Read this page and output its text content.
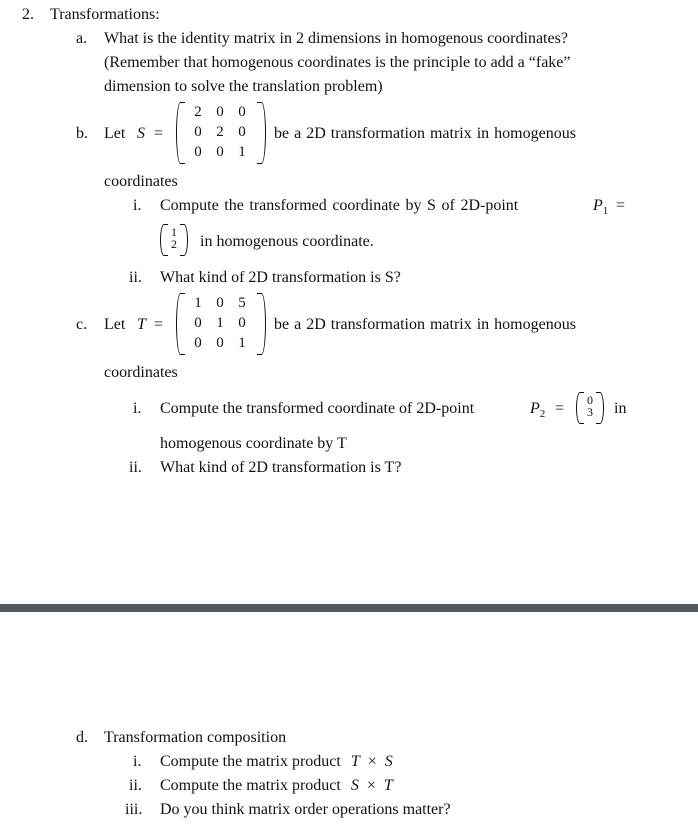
2. Transformations:
a. What is the identity matrix in 2 dimensions in homogenous coordinates?
(Remember that homogenous coordinates is the principle to add a “fake”
dimension to solve the translation problem)
b. Let S =
2 0 0
0 2 0
0 0 1
be a 2D transformation matrix in homogenous
coordinates
i. Compute the transformed coordinate by S of 2D-point	$P_1$ =
1
2 in homogenous coordinate.
ii. What kind of 2D transformation is S?
c. Let T =
1 0 5
0 1 0
0 0 1
be a 2D transformation matrix in homogenous
coordinates
i. Compute the transformed coordinate of 2D-point	$P_2 = 0$
3 in
homogenous coordinate by T
ii. What kind of 2D transformation is T?
d. Transformation composition
i. Compute the matrix product T × S
ii. Compute the matrix product S × T
iii. Do you think matrix order operations matter?
